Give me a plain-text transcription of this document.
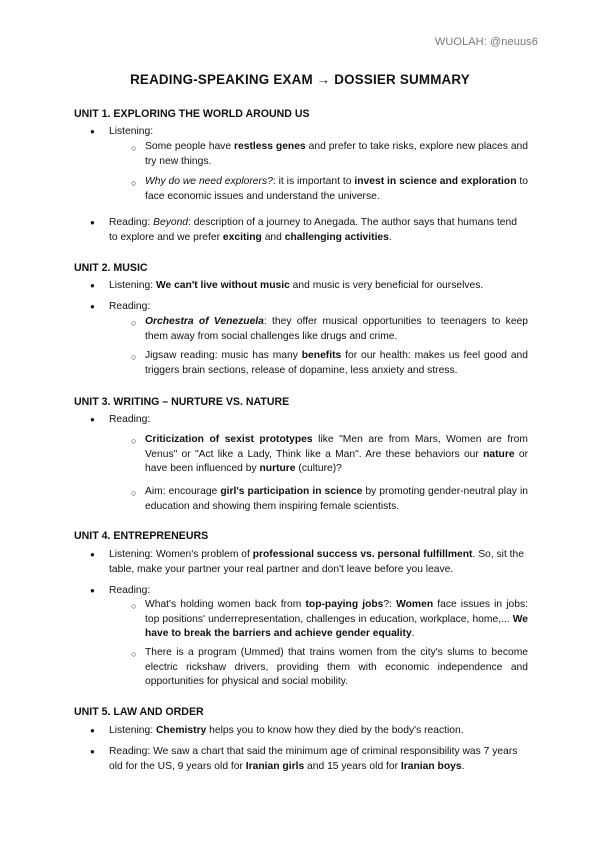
WUOLAH: @neuus6
READING-SPEAKING EXAM → DOSSIER SUMMARY
UNIT 1. EXPLORING THE WORLD AROUND US
● Listening:
○ Some people have restless genes and prefer to take risks, explore new places and try new things.
○ Why do we need explorers?: it is important to invest in science and exploration to face economic issues and understand the universe.
● Reading: Beyond: description of a journey to Anegada. The author says that humans tend to explore and we prefer exciting and challenging activities.
UNIT 2. MUSIC
● Listening: We can't live without music and music is very beneficial for ourselves.
● Reading:
○ Orchestra of Venezuela: they offer musical opportunities to teenagers to keep them away from social challenges like drugs and crime.
○ Jigsaw reading: music has many benefits for our health: makes us feel good and triggers brain sections, release of dopamine, less anxiety and stress.
UNIT 3. WRITING – NURTURE VS. NATURE
● Reading:
○ Criticization of sexist prototypes like "Men are from Mars, Women are from Venus" or "Act like a Lady, Think like a Man". Are these behaviors our nature or have been influenced by nurture (culture)?
○ Aim: encourage girl's participation in science by promoting gender-neutral play in education and showing them inspiring female scientists.
UNIT 4. ENTREPRENEURS
● Listening: Women's problem of professional success vs. personal fulfillment. So, sit the table, make your partner your real partner and don't leave before you leave.
● Reading:
○ What's holding women back from top-paying jobs?: Women face issues in jobs: top positions' underrepresentation, challenges in education, workplace, home,... We have to break the barriers and achieve gender equality.
○ There is a program (Ummed) that trains women from the city's slums to become electric rickshaw drivers, providing them with economic independence and opportunities for physical and social mobility.
UNIT 5. LAW AND ORDER
● Listening: Chemistry helps you to know how they died by the body's reaction.
● Reading: We saw a chart that said the minimum age of criminal responsibility was 7 years old for the US, 9 years old for Iranian girls and 15 years old for Iranian boys.
